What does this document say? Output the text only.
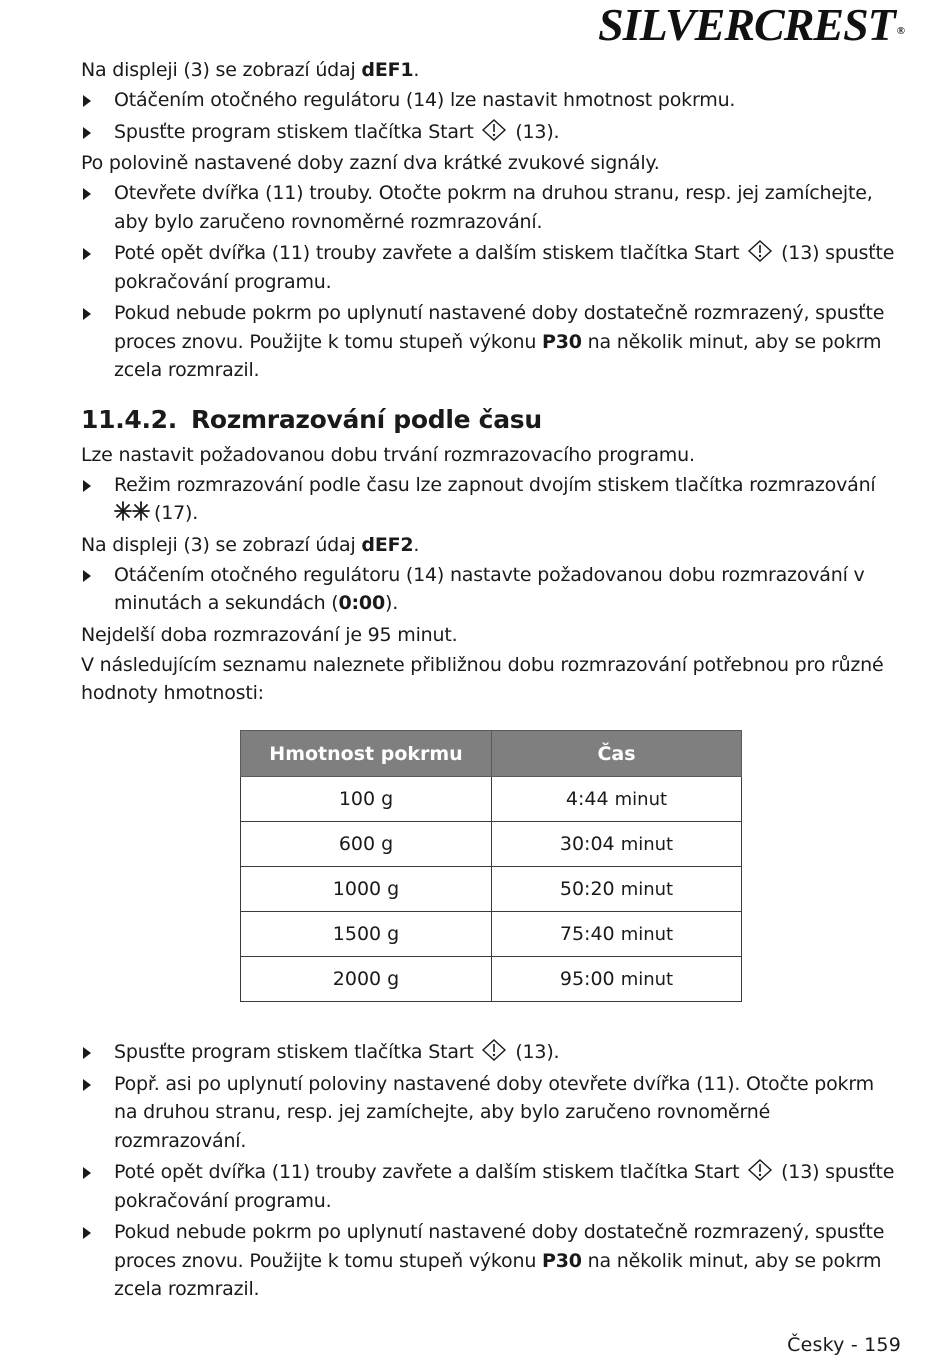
SILVERCREST ®

Na displeji (3) se zobrazí údaj dEF1.

Otáčením otočného regulátoru (14) lze nastavit hmotnost pokrmu.
Spusťte program stiskem tlačítka Start (13).

Po polovině nastavené doby zazní dva krátké zvukové signály.

Otevřete dvířka (11) trouby. Otočte pokrm na druhou stranu, resp. jej zamíchejte, aby bylo zaručeno rovnoměrné rozmrazování.
Poté opět dvířka (11) trouby zavřete a dalším stiskem tlačítka Start (13) spusťte pokračování programu.
Pokud nebude pokrm po uplynutí nastavené doby dostatečně rozmrazený, spusťte proces znovu. Použijte k tomu stupeň výkonu P30 na několik minut, aby se pokrm zcela rozmrazil.
11.4.2. Rozmrazování podle času

Lze nastavit požadovanou dobu trvání rozmrazovacího programu.

Režim rozmrazování podle času lze zapnout dvojím stiskem tlačítka rozmrazování
(17).

Na displeji (3) se zobrazí údaj dEF2.

Otáčením otočného regulátoru (14) nastavte požadovanou dobu rozmrazování v minutách a sekundách (0:00).

Nejdelší doba rozmrazování je 95 minut.

V následujícím seznamu naleznete přibližnou dobu rozmrazování potřebnou pro různé hodnoty hmotnosti:

Hmotnost pokrmu	Čas
100 g	4:44 minut
600 g	30:04 minut
1000 g	50:20 minut
1500 g	75:40 minut
2000 g	95:00 minut
Spusťte program stiskem tlačítka Start (13).
Popř. asi po uplynutí poloviny nastavené doby otevřete dvířka (11). Otočte pokrm na druhou stranu, resp. jej zamíchejte, aby bylo zaručeno rovnoměrné rozmrazování.
Poté opět dvířka (11) trouby zavřete a dalším stiskem tlačítka Start (13) spusťte pokračování programu.
Pokud nebude pokrm po uplynutí nastavené doby dostatečně rozmrazený, spusťte proces znovu. Použijte k tomu stupeň výkonu P30 na několik minut, aby se pokrm zcela rozmrazil.
Česky - 159
